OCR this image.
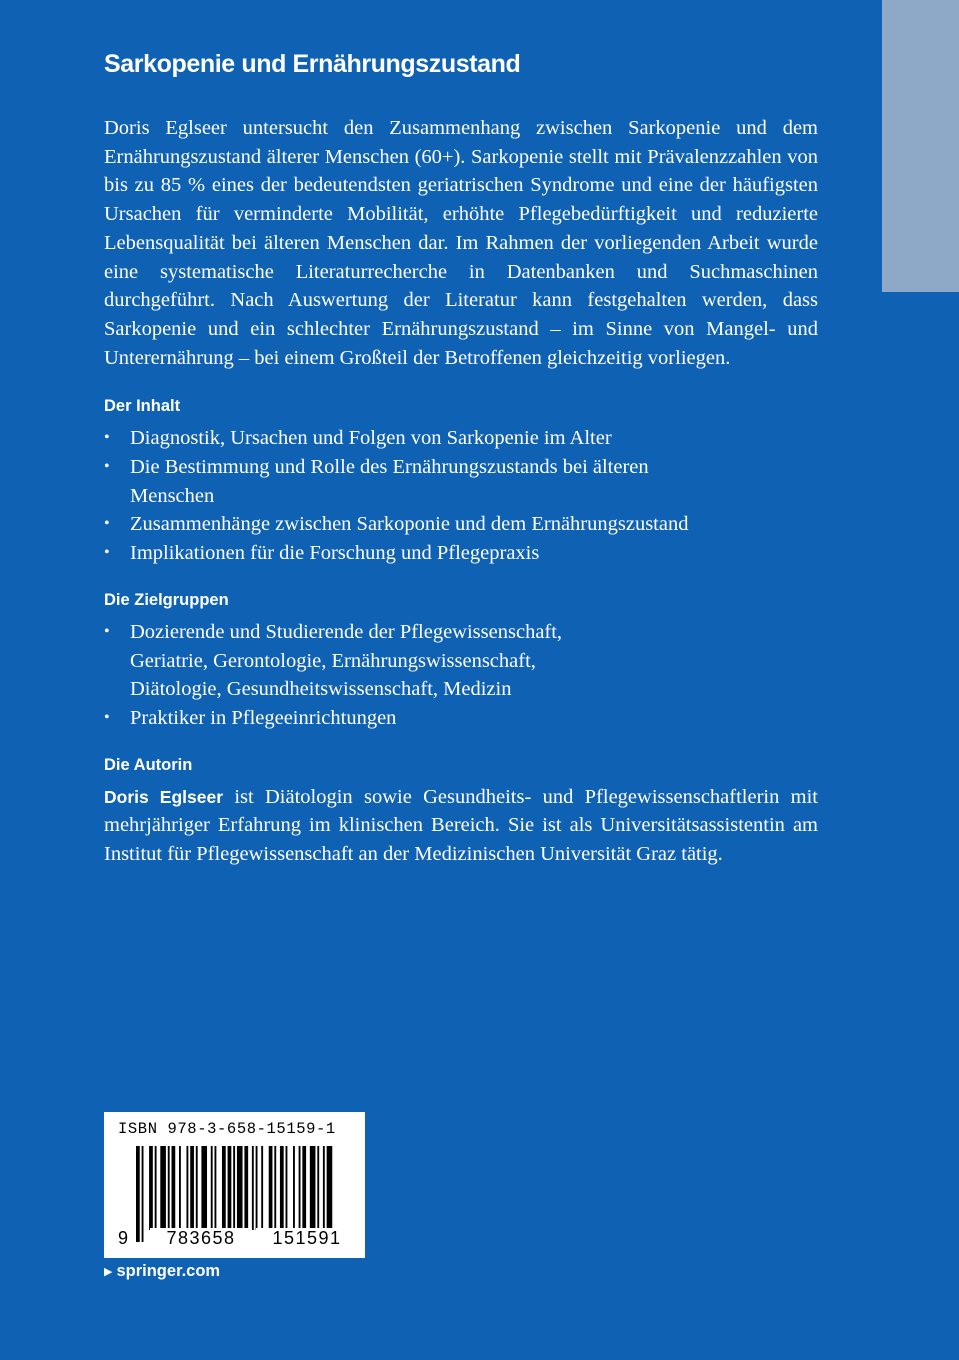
Sarkopenie und Ernährungszustand

Doris Eglseer untersucht den Zusammenhang zwischen Sarkopenie und dem Ernährungszustand älterer Menschen (60+). Sarkopenie stellt mit Prävalenzzahlen von bis zu 85 % eines der bedeutendsten geriatrischen Syndrome und eine der häufigsten Ursachen für verminderte Mobilität, erhöhte Pflegebedürftigkeit und reduzierte Lebensqualität bei älteren Menschen dar. Im Rahmen der vorliegenden Arbeit wurde eine systematische Literaturrecherche in Datenbanken und Suchmaschinen durchgeführt. Nach Auswertung der Literatur kann festgehalten werden, dass Sarkopenie und ein schlechter Ernährungszustand – im Sinne von Mangel- und Unterernährung – bei einem Großteil der Betroffenen gleichzeitig vorliegen.

Der Inhalt
• Diagnostik, Ursachen und Folgen von Sarkopenie im Alter
• Die Bestimmung und Rolle des Ernährungszustands bei älteren Menschen
• Zusammenhänge zwischen Sarkoponie und dem Ernährungszustand
• Implikationen für die Forschung und Pflegepraxis
Die Zielgruppen
• Dozierende und Studierende der Pflegewissenschaft, Geriatrie, Gerontologie, Ernährungswissenschaft, Diätologie, Gesundheitswissenschaft, Medizin
• Praktiker in Pflegeeinrichtungen
Die Autorin

Doris Eglseer ist Diätologin sowie Gesundheits- und Pflegewissenschaftlerin mit mehrjähriger Erfahrung im klinischen Bereich. Sie ist als Universitätsassistentin am Institut für Pflegewissenschaft an der Medizinischen Universität Graz tätig.

ISBN 978-3-658-15159-1
9	783658	151591
▶ springer.com
